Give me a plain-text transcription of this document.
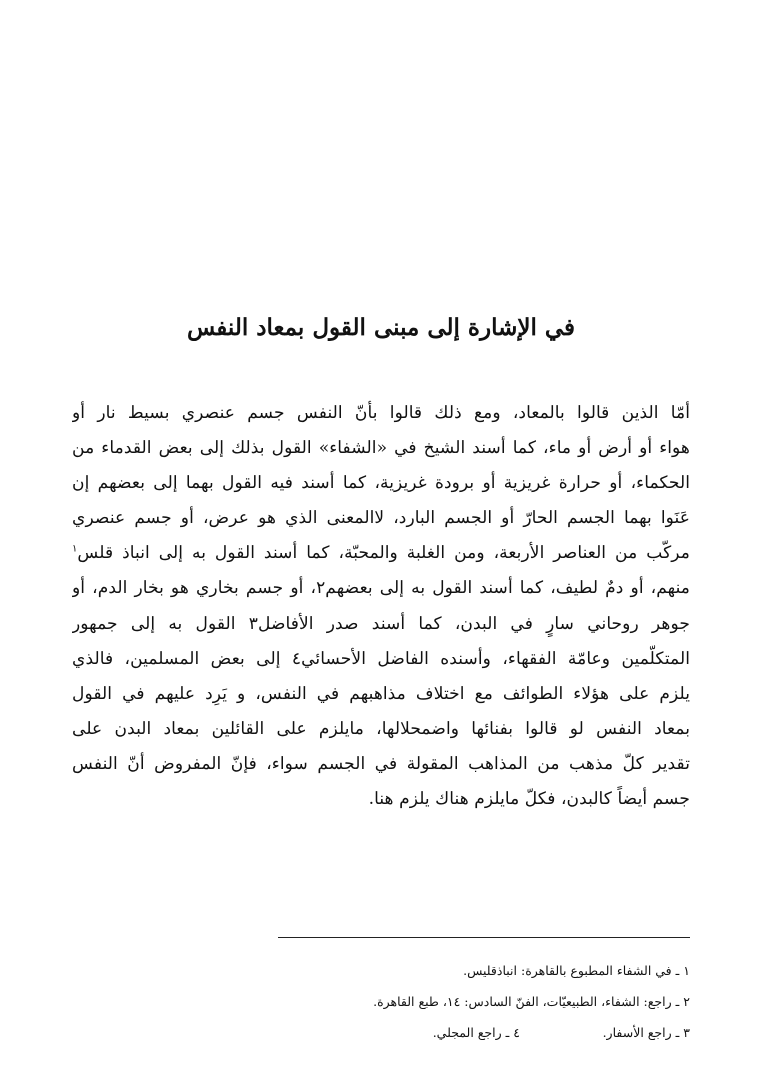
في الإشارة إلى مبنى القول بمعاد النفس
أمّا الذين قالوا بالمعاد، ومع ذلك قالوا بأنّ النفس جسم عنصري بسيط نار أو
هواء أو أرض أو ماء، كما أسند الشيخ في «الشفاء» القول بذلك إلى بعض القدماء من
الحكماء، أو حرارة غريزية أو برودة غريزية، كما أسند فيه القول بهما إلى بعضهم إن
عَنَوا بهما الجسم الحارّ أو الجسم البارد، لاالمعنى الذي هو عرض، أو جسم عنصري
مركّب من العناصر الأربعة، ومن الغلبة والمحبّة، كما أسند القول به إلى انباذ قلس$^١$
منهم، أو دمٌ لطيف، كما أسند القول به إلى بعضهم٢، أو جسم بخاري هو بخار الدم، أو
جوهر روحاني سارٍ في البدن، كما أسند صدر الأفاضل٣ القول به إلى جمهور
المتكلّمين وعامّة الفقهاء، وأسنده الفاضل الأحسائي٤ إلى بعض المسلمين، فالذي
يلزم على هؤلاء الطوائف مع اختلاف مذاهبهم في النفس، و يَرِد عليهم في القول
بمعاد النفس لو قالوا بفنائها واضمحلالها، مايلزم على القائلين بمعاد البدن على
تقدير كلّ مذهب من المذاهب المقولة في الجسم سواء، فإنّ المفروض أنّ النفس
جسم أيضاً كالبدن، فكلّ مايلزم هناك يلزم هنا.
١ ـ في الشفاء المطبوع بالقاهرة: انباذقليس.
٢ ـ راجع: الشفاء، الطبيعيّات، الفنّ السادس: ١٤، طبع القاهرة.
٣ ـ راجع الأسفار.
٤ ـ راجع المجلي.
